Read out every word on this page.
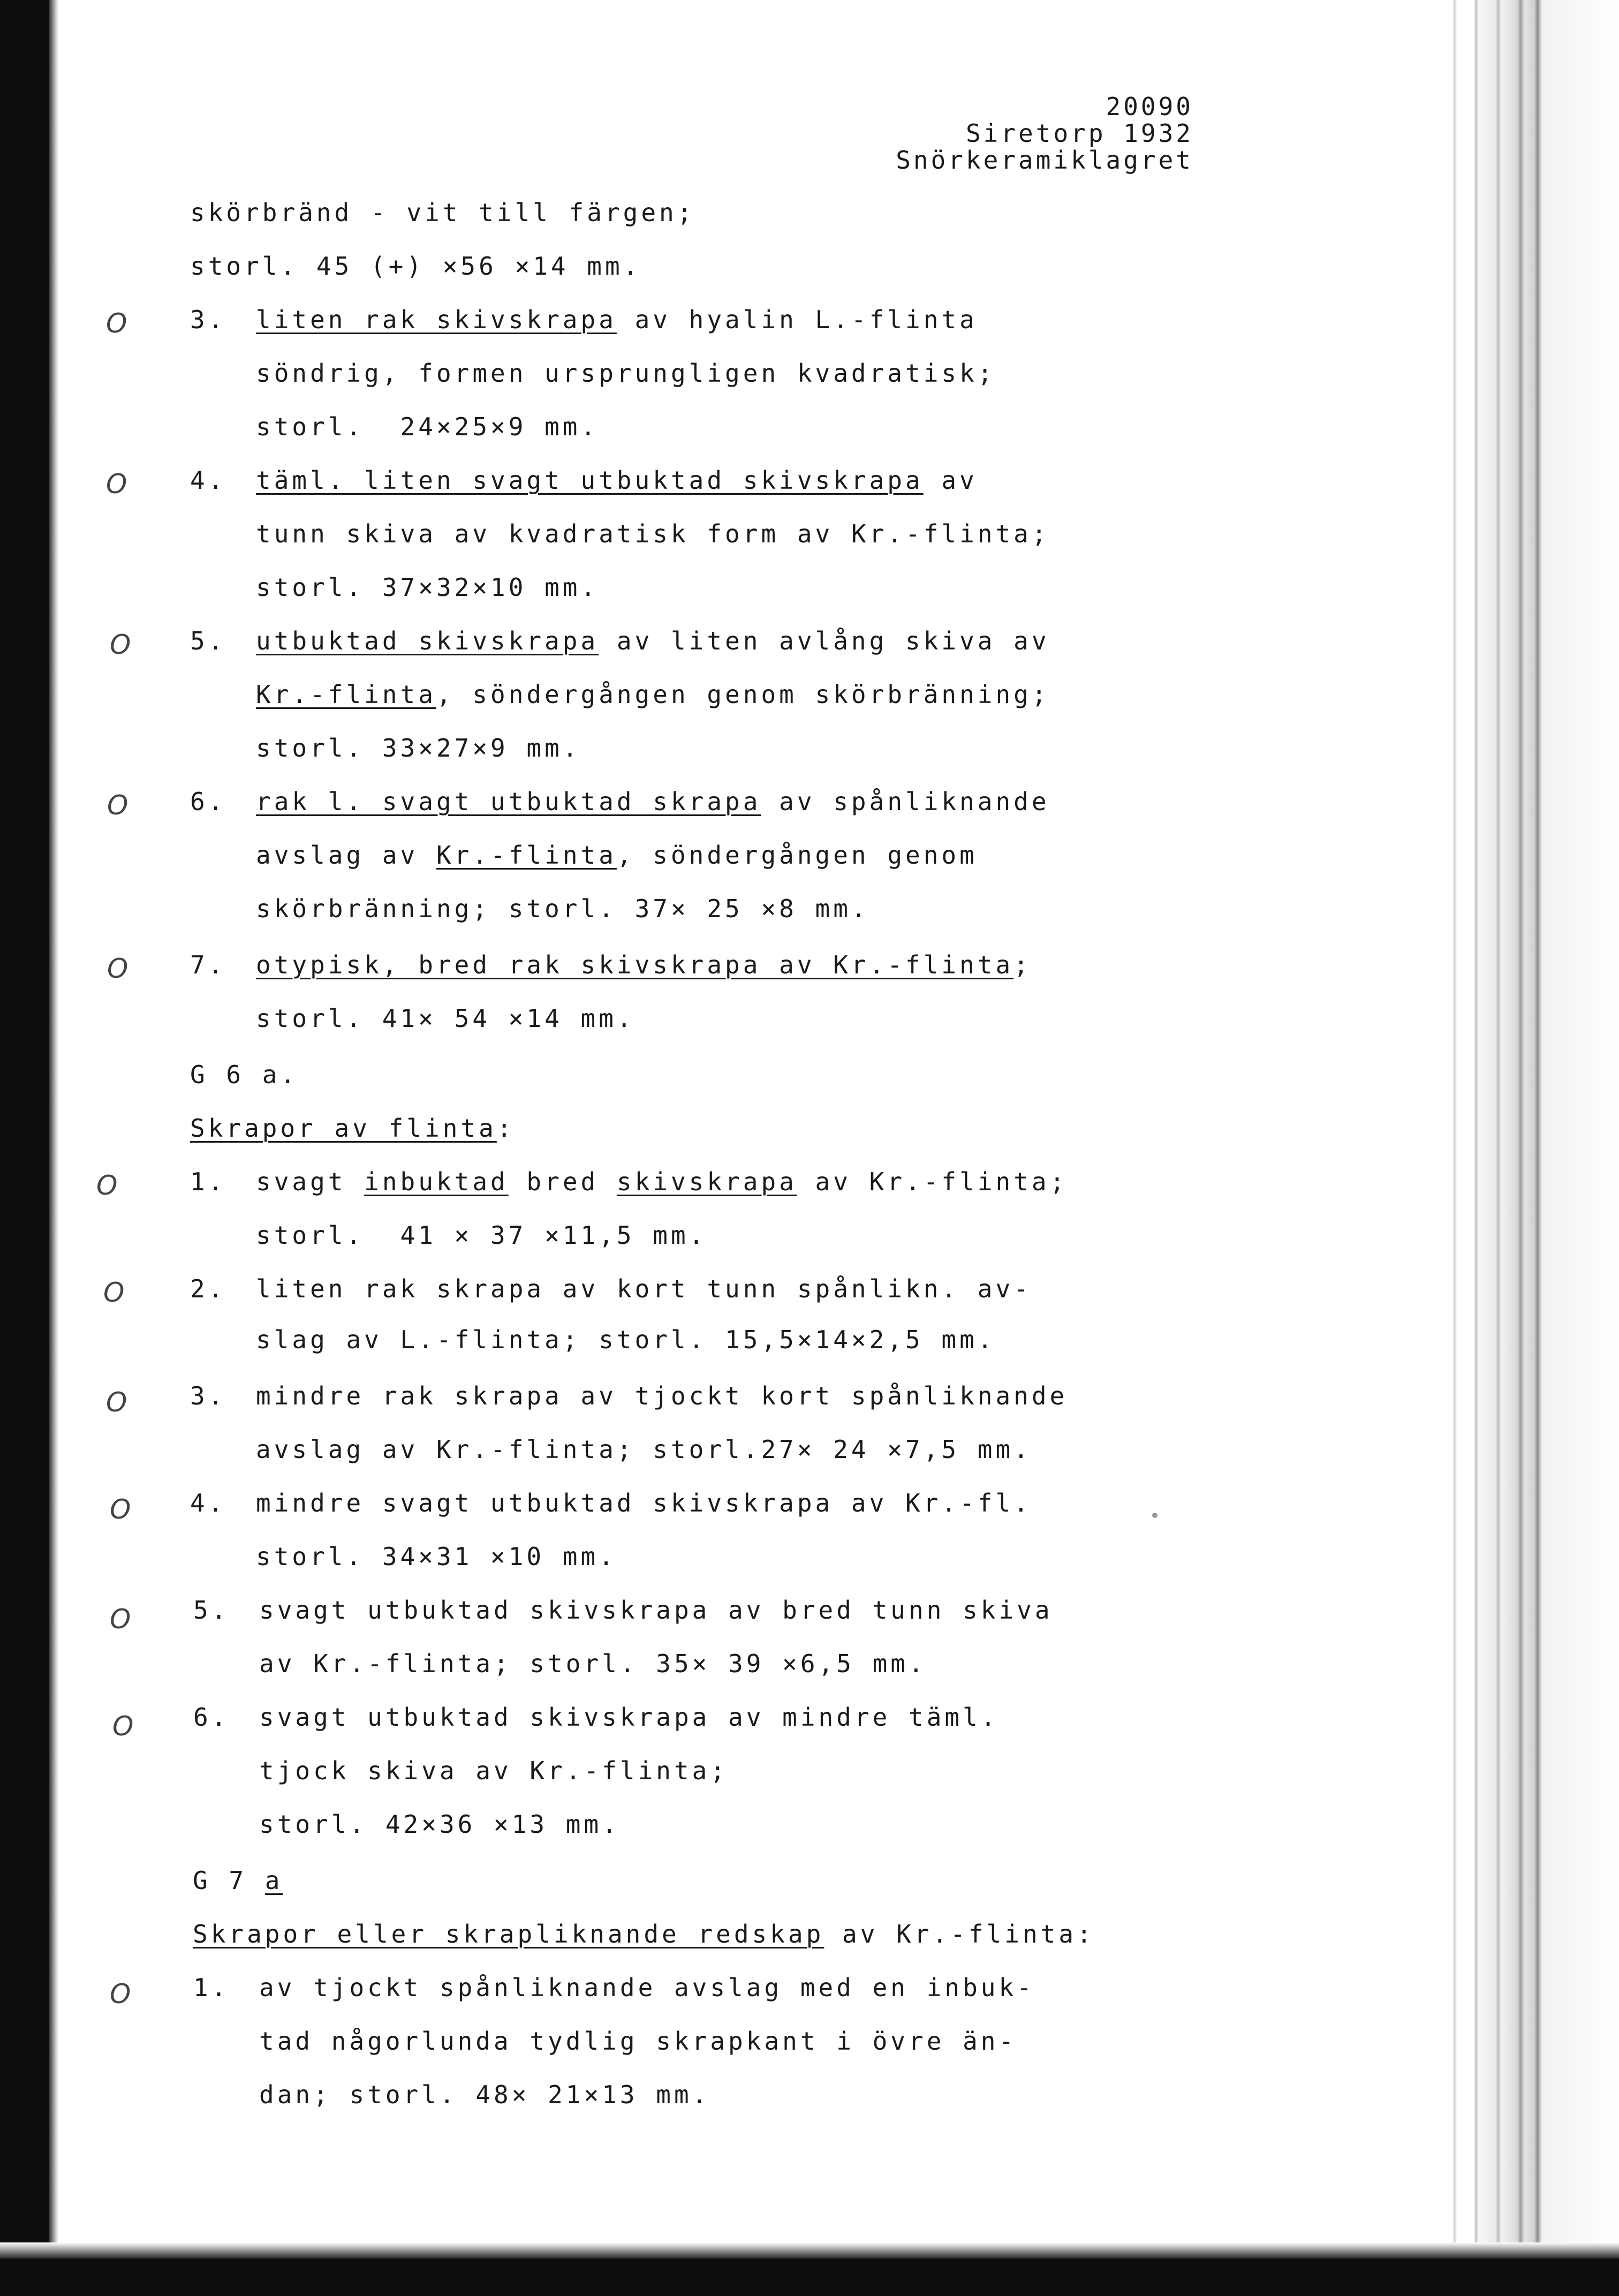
20090
Siretorp 1932
Snörkeramiklagret
O
O
O
O
O
O
O
O
O
O
O
O
skörbränd - vit till färgen;
storl. 45 (+) ×56 ×14 mm.
3. liten rak skivskrapa av hyalin L.-flinta
söndrig, formen ursprungligen kvadratisk;
storl.  24×25×9 mm.
4. täml. liten svagt utbuktad skivskrapa av
tunn skiva av kvadratisk form av Kr.-flinta;
storl. 37×32×10 mm.
5. utbuktad skivskrapa av liten avlång skiva av
Kr.-flinta, söndergången genom skörbränning;
storl. 33×27×9 mm.
6. rak l. svagt utbuktad skrapa av spånliknande
avslag av Kr.-flinta, söndergången genom
skörbränning; storl. 37× 25 ×8 mm.
7. otypisk, bred rak skivskrapa av Kr.-flinta;
storl. 41× 54 ×14 mm.
G 6 a.
Skrapor av flinta:
1. svagt inbuktad bred skivskrapa av Kr.-flinta;
storl.  41 × 37 ×11,5 mm.
2. liten rak skrapa av kort tunn spånlikn. av-
slag av L.-flinta; storl. 15,5×14×2,5 mm.
3. mindre rak skrapa av tjockt kort spånliknande
avslag av Kr.-flinta; storl.27× 24 ×7,5 mm.
4. mindre svagt utbuktad skivskrapa av Kr.-fl.
storl. 34×31 ×10 mm.
5. svagt utbuktad skivskrapa av bred tunn skiva
av Kr.-flinta; storl. 35× 39 ×6,5 mm.
6. svagt utbuktad skivskrapa av mindre täml.
tjock skiva av Kr.-flinta;
storl. 42×36 ×13 mm.
G 7 a
Skrapor eller skrapliknande redskap av Kr.-flinta:
1. av tjockt spånliknande avslag med en inbuk-
tad någorlunda tydlig skrapkant i övre än-
dan; storl. 48× 21×13 mm.
